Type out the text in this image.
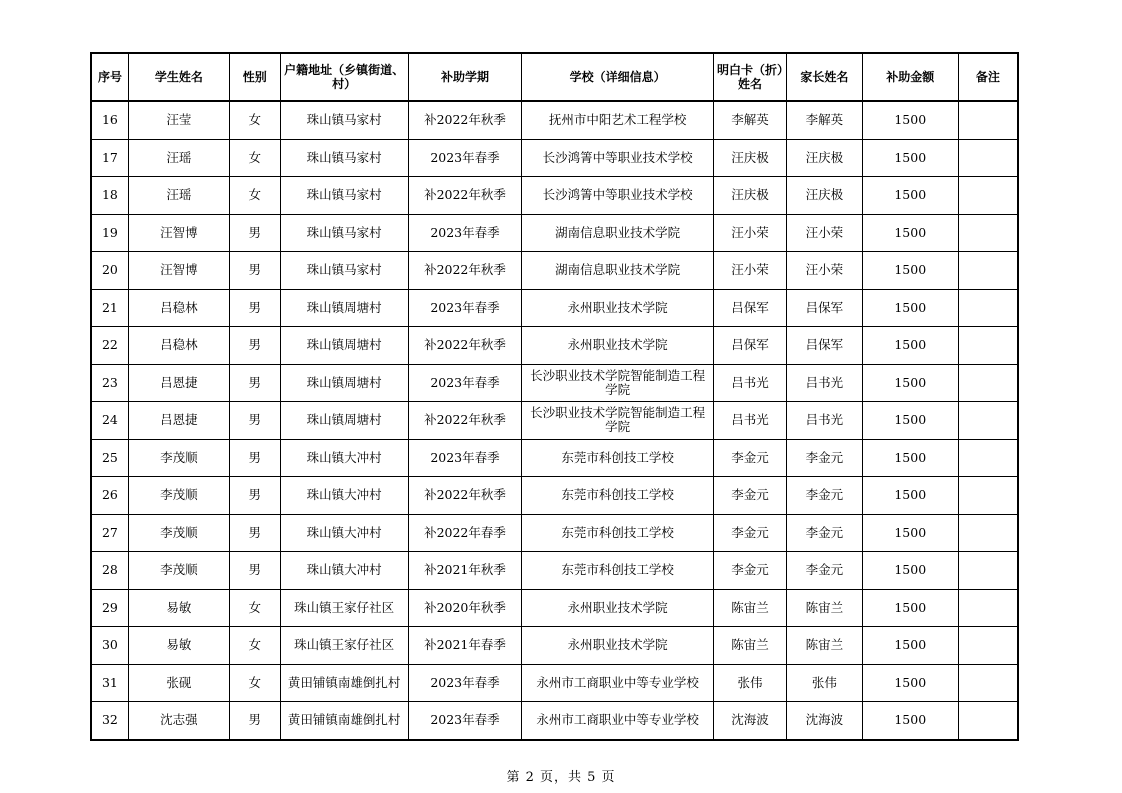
序号	学生姓名	性别	户籍地址（乡镇街道、村）	补助学期	学校（详细信息）	明白卡（折）姓名	家长姓名	补助金额	备注
16	汪莹	女	珠山镇马家村	补2022年秋季	抚州市中阳艺术工程学校	李解英	李解英	1500	
17	汪瑶	女	珠山镇马家村	2023年春季	长沙鸿箐中等职业技术学校	汪庆极	汪庆极	1500	
18	汪瑶	女	珠山镇马家村	补2022年秋季	长沙鸿箐中等职业技术学校	汪庆极	汪庆极	1500	
19	汪智博	男	珠山镇马家村	2023年春季	湖南信息职业技术学院	汪小荣	汪小荣	1500	
20	汪智博	男	珠山镇马家村	补2022年秋季	湖南信息职业技术学院	汪小荣	汪小荣	1500	
21	吕稳林	男	珠山镇周塘村	2023年春季	永州职业技术学院	吕保军	吕保军	1500	
22	吕稳林	男	珠山镇周塘村	补2022年秋季	永州职业技术学院	吕保军	吕保军	1500	
23	吕恩捷	男	珠山镇周塘村	2023年春季	长沙职业技术学院智能制造工程学院	吕书光	吕书光	1500	
24	吕恩捷	男	珠山镇周塘村	补2022年秋季	长沙职业技术学院智能制造工程学院	吕书光	吕书光	1500	
25	李茂顺	男	珠山镇大冲村	2023年春季	东莞市科创技工学校	李金元	李金元	1500	
26	李茂顺	男	珠山镇大冲村	补2022年秋季	东莞市科创技工学校	李金元	李金元	1500	
27	李茂顺	男	珠山镇大冲村	补2022年春季	东莞市科创技工学校	李金元	李金元	1500	
28	李茂顺	男	珠山镇大冲村	补2021年秋季	东莞市科创技工学校	李金元	李金元	1500	
29	易敏	女	珠山镇王家仔社区	补2020年秋季	永州职业技术学院	陈宙兰	陈宙兰	1500	
30	易敏	女	珠山镇王家仔社区	补2021年春季	永州职业技术学院	陈宙兰	陈宙兰	1500	
31	张砚	女	黄田铺镇南雄倒扎村	2023年春季	永州市工商职业中等专业学校	张伟	张伟	1500	
32	沈志强	男	黄田铺镇南雄倒扎村	2023年春季	永州市工商职业中等专业学校	沈海波	沈海波	1500	
第 2 页，共 5 页
